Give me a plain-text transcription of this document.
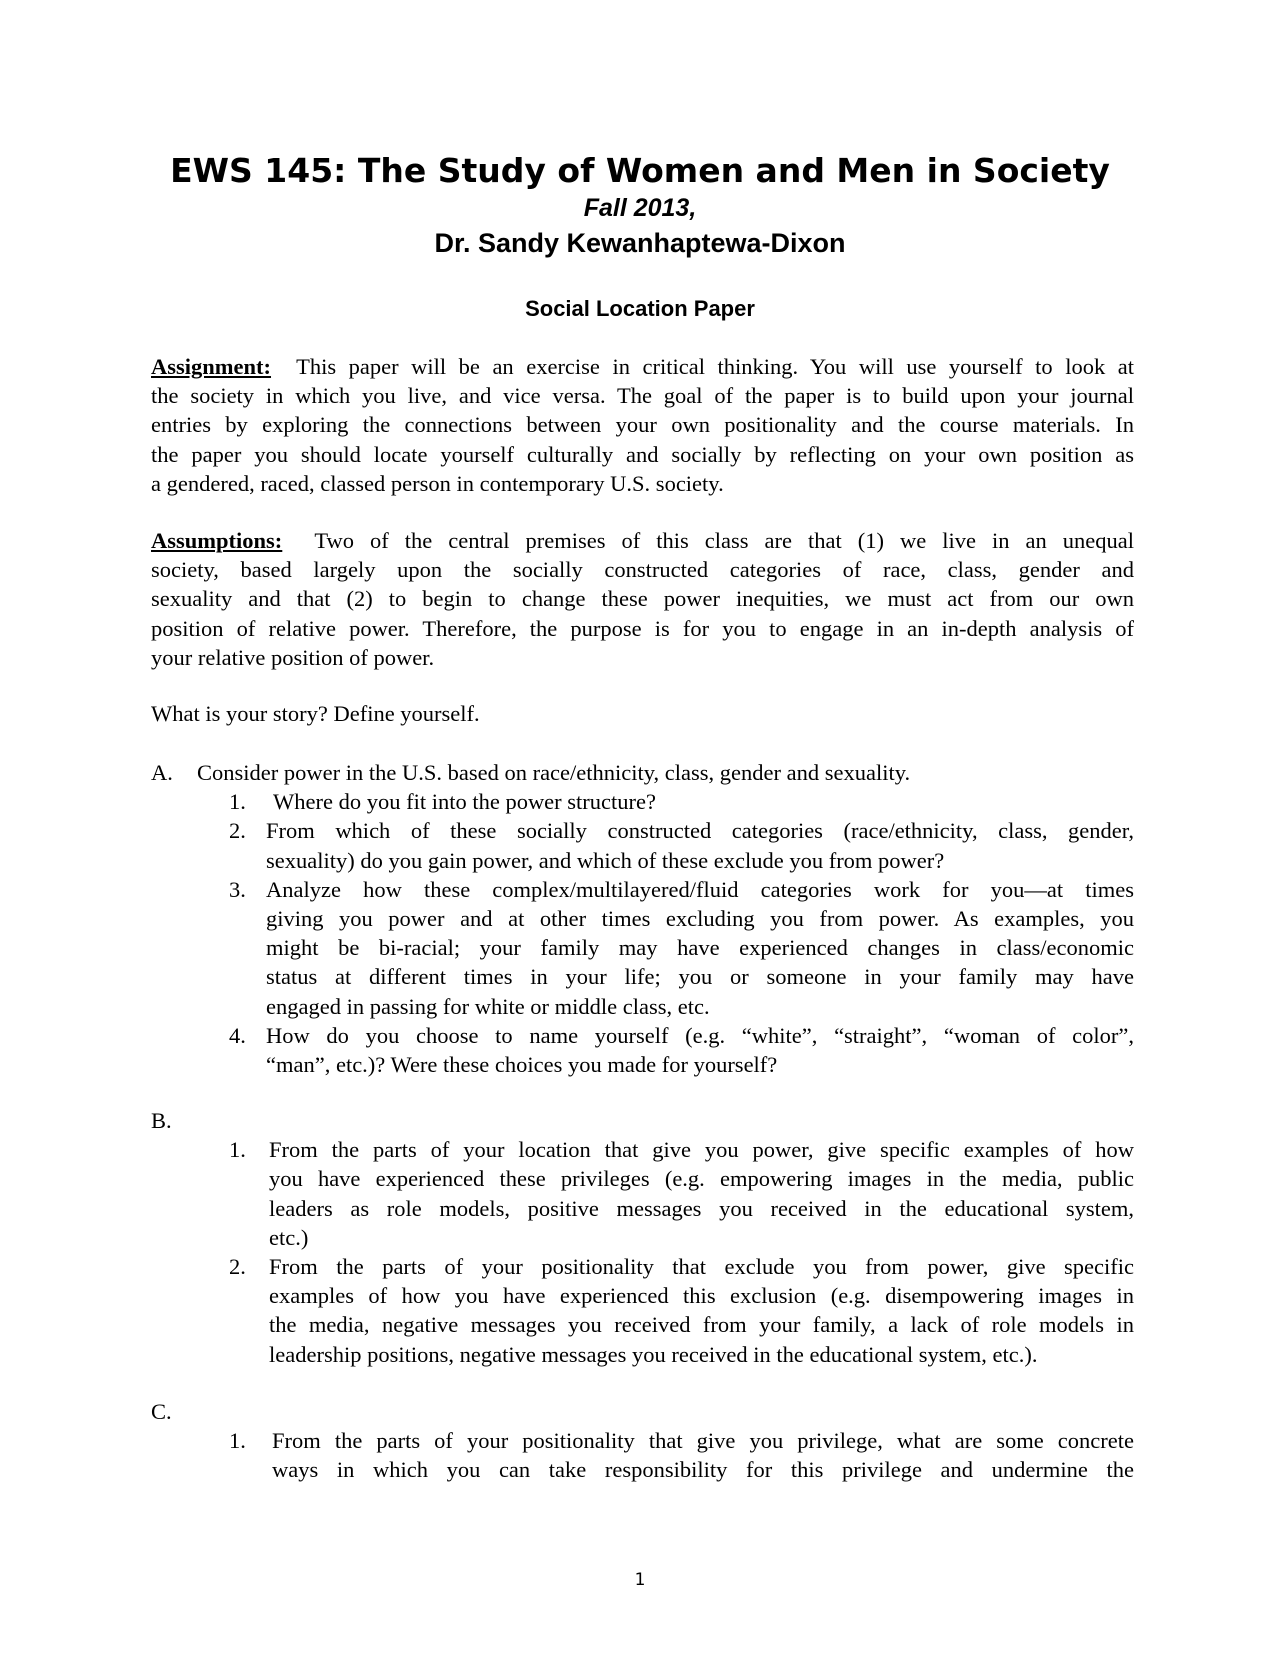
EWS 145: The Study of Women and Men in Society
Fall 2013,
Dr. Sandy Kewanhaptewa-Dixon
Social Location Paper
Assignment: This paper will be an exercise in critical thinking. You will use yourself to look at
the society in which you live, and vice versa. The goal of the paper is to build upon your journal
entries by exploring the connections between your own positionality and the course materials. In
the paper you should locate yourself culturally and socially by reflecting on your own position as
a gendered, raced, classed person in contemporary U.S. society.
Assumptions: Two of the central premises of this class are that (1) we live in an unequal
society, based largely upon the socially constructed categories of race, class, gender and
sexuality and that (2) to begin to change these power inequities, we must act from our own
position of relative power. Therefore, the purpose is for you to engage in an in-depth analysis of
your relative position of power.
What is your story? Define yourself.
A. Consider power in the U.S. based on race/ethnicity, class, gender and sexuality.
1. Where do you fit into the power structure?
2. From which of these socially constructed categories (race/ethnicity, class, gender,
sexuality) do you gain power, and which of these exclude you from power?
3. Analyze how these complex/multilayered/fluid categories work for you—at times
giving you power and at other times excluding you from power. As examples, you
might be bi-racial; your family may have experienced changes in class/economic
status at different times in your life; you or someone in your family may have
engaged in passing for white or middle class, etc.
4. How do you choose to name yourself (e.g. “white”, “straight”, “woman of color”,
“man”, etc.)? Were these choices you made for yourself?
B.
1. From the parts of your location that give you power, give specific examples of how
you have experienced these privileges (e.g. empowering images in the media, public
leaders as role models, positive messages you received in the educational system,
etc.)
2. From the parts of your positionality that exclude you from power, give specific
examples of how you have experienced this exclusion (e.g. disempowering images in
the media, negative messages you received from your family, a lack of role models in
leadership positions, negative messages you received in the educational system, etc.).
C.
1. From the parts of your positionality that give you privilege, what are some concrete
ways in which you can take responsibility for this privilege and undermine the
1
